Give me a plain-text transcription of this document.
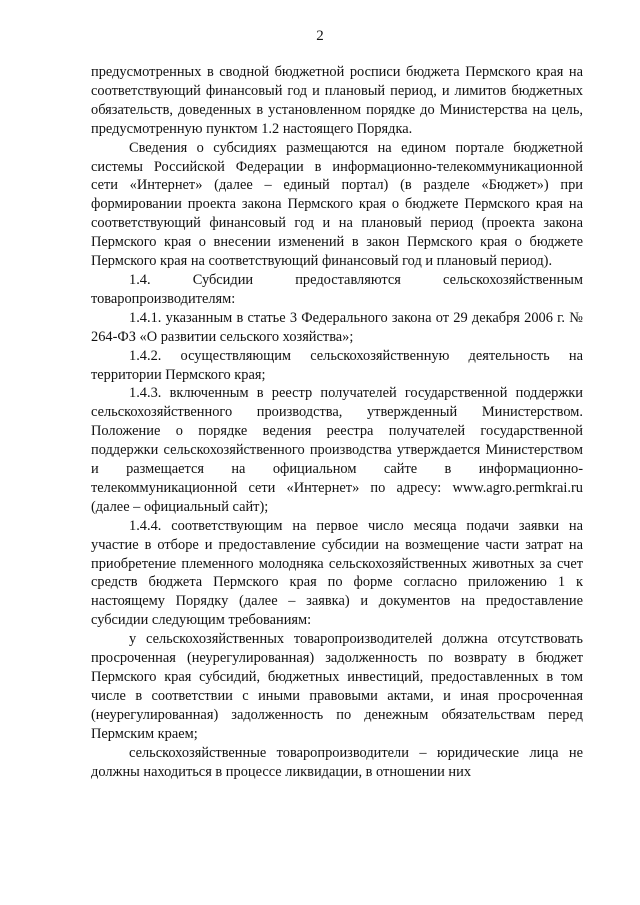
2

предусмотренных в сводной бюджетной росписи бюджета Пермского края на соответствующий финансовый год и плановый период, и лимитов бюджетных обязательств, доведенных в установленном порядке до Министерства на цель, предусмотренную пунктом 1.2 настоящего Порядка.

Сведения о субсидиях размещаются на едином портале бюджетной системы Российской Федерации в информационно-телекоммуникационной сети «Интернет» (далее – единый портал) (в разделе «Бюджет») при формировании проекта закона Пермского края о бюджете Пермского края на соответствующий финансовый год и на плановый период (проекта закона Пермского края о внесении изменений в закон Пермского края о бюджете Пермского края на соответствующий финансовый год и плановый период).

1.4. Субсидии предоставляются сельскохозяйственным товаропроизводителям:

1.4.1. указанным в статье 3 Федерального закона от 29 декабря 2006 г. № 264-ФЗ «О развитии сельского хозяйства»;

1.4.2. осуществляющим сельскохозяйственную деятельность на территории Пермского края;

1.4.3. включенным в реестр получателей государственной поддержки сельскохозяйственного производства, утвержденный Министерством. Положение о порядке ведения реестра получателей государственной поддержки сельскохозяйственного производства утверждается Министерством и размещается на официальном сайте в информационно-телекоммуникационной сети «Интернет» по адресу: www.agro.permkrai.ru (далее – официальный сайт);

1.4.4. соответствующим на первое число месяца подачи заявки на участие в отборе и предоставление субсидии на возмещение части затрат на приобретение племенного молодняка сельскохозяйственных животных за счет средств бюджета Пермского края по форме согласно приложению 1 к настоящему Порядку (далее – заявка) и документов на предоставление субсидии следующим требованиям:

у сельскохозяйственных товаропроизводителей должна отсутствовать просроченная (неурегулированная) задолженность по возврату в бюджет Пермского края субсидий, бюджетных инвестиций, предоставленных в том числе в соответствии с иными правовыми актами, и иная просроченная (неурегулированная) задолженность по денежным обязательствам перед Пермским краем;

сельскохозяйственные товаропроизводители – юридические лица не должны находиться в процессе ликвидации, в отношении них
